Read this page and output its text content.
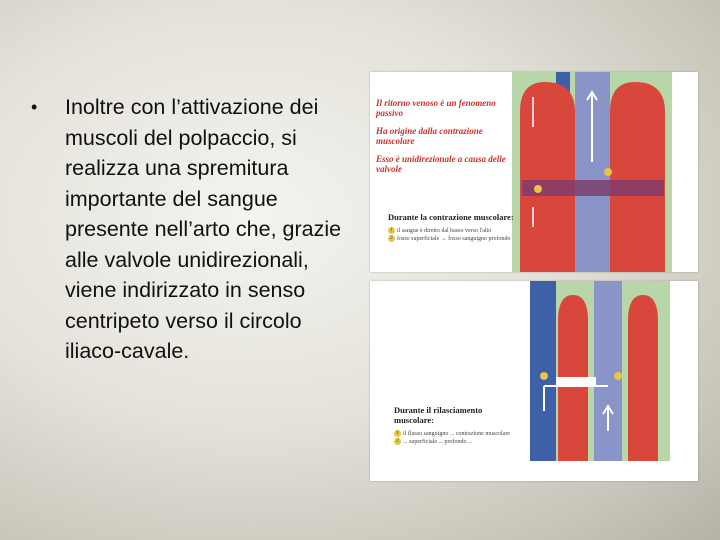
•	Inoltre con l’attivazione dei muscoli del polpaccio, si realizza una spremitura importante del sangue presente nell’arto che, grazie alle valvole unidirezionali, viene indirizzato in senso centripeto verso il circolo iliaco-cavale.
Il ritorno venoso è un fenomeno passivo
Ha origine dalla contrazione muscolare
Esso è unidirezionale a causa delle valvole
Durante la contrazione muscolare:
1 il sangue è diretto dal basso verso l'alto
2 fosso superficiale → fosso sanguigno profondo
Durante il rilasciamento muscolare:
1 il flusso sanguigno ... contrazione muscolare
2 ... superficiale ... profondo ...
